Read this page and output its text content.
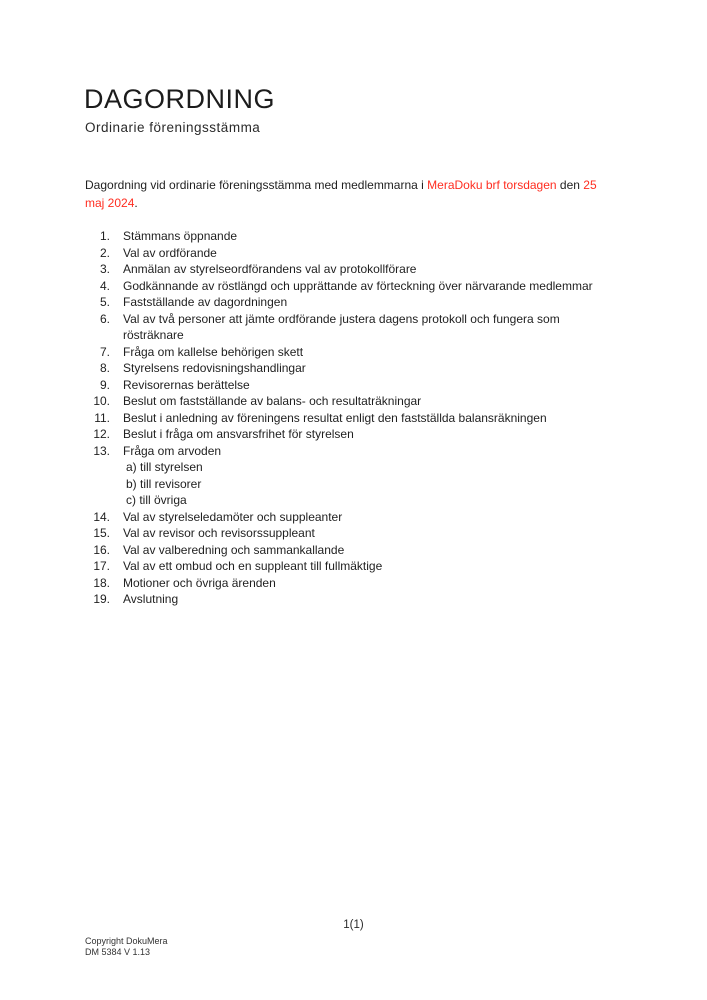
DAGORDNING
Ordinarie föreningsstämma

Dagordning vid ordinarie föreningsstämma med medlemmarna i MeraDoku brf torsdagen den 25
maj 2024.

1. Stämmans öppnande
2. Val av ordförande
3. Anmälan av styrelseordförandens val av protokollförare
4. Godkännande av röstlängd och upprättande av förteckning över närvarande medlemmar
5. Fastställande av dagordningen
6. Val av två personer att jämte ordförande justera dagens protokoll och fungera som
rösträknare
7. Fråga om kallelse behörigen skett
8. Styrelsens redovisningshandlingar
9. Revisorernas berättelse
10. Beslut om fastställande av balans- och resultaträkningar
11. Beslut i anledning av föreningens resultat enligt den fastställda balansräkningen
12. Beslut i fråga om ansvarsfrihet för styrelsen
13. Fråga om arvoden
a) till styrelsen
b) till revisorer
c) till övriga
14. Val av styrelseledamöter och suppleanter
15. Val av revisor och revisorssuppleant
16. Val av valberedning och sammankallande
17. Val av ett ombud och en suppleant till fullmäktige
18. Motioner och övriga ärenden
19. Avslutning
1(1)
Copyright DokuMera
DM 5384 V 1.13
